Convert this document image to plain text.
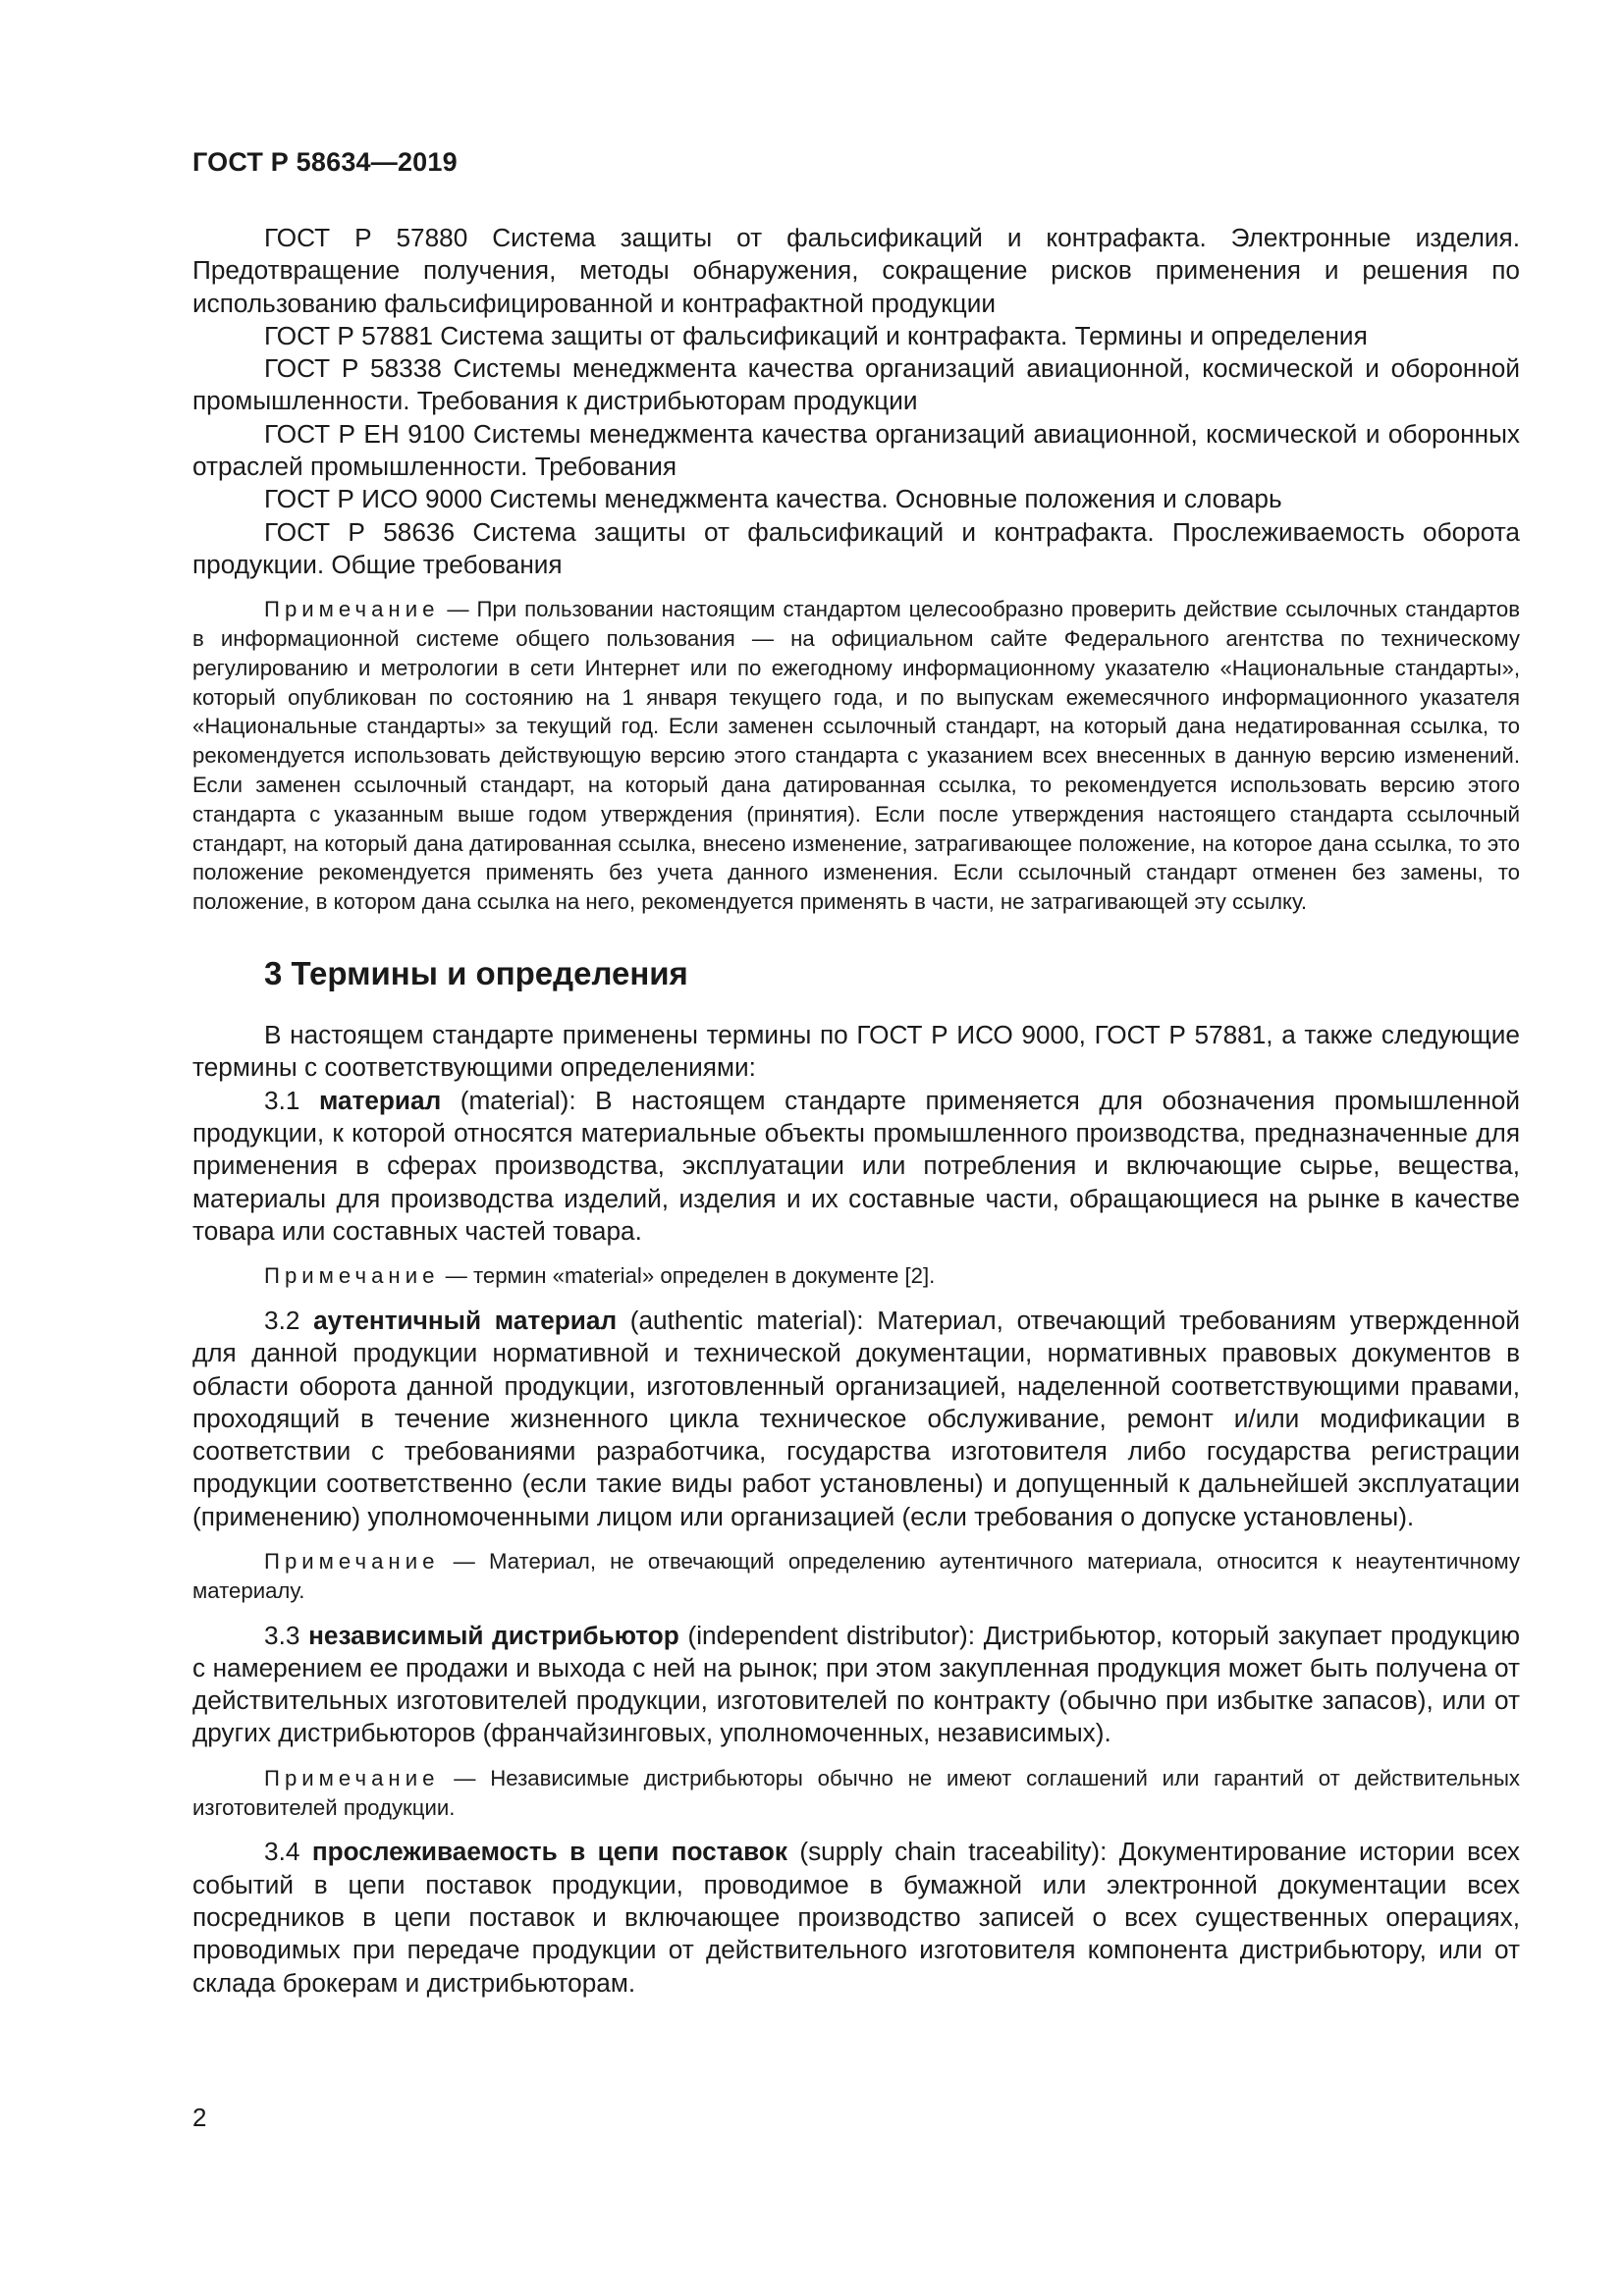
ГОСТ Р 58634—2019

ГОСТ Р 57880 Система защиты от фальсификаций и контрафакта. Электронные изделия. Предотвращение получения, методы обнаружения, сокращение рисков применения и решения по использованию фальсифицированной и контрафактной продукции

ГОСТ Р 57881 Система защиты от фальсификаций и контрафакта. Термины и определения

ГОСТ Р 58338 Системы менеджмента качества организаций авиационной, космической и оборонной промышленности. Требования к дистрибьюторам продукции

ГОСТ Р ЕН 9100 Системы менеджмента качества организаций авиационной, космической и оборонных отраслей промышленности. Требования

ГОСТ Р ИСО 9000 Системы менеджмента качества. Основные положения и словарь

ГОСТ Р 58636 Система защиты от фальсификаций и контрафакта. Прослеживаемость оборота продукции. Общие требования

Примечание — При пользовании настоящим стандартом целесообразно проверить действие ссылочных стандартов в информационной системе общего пользования — на официальном сайте Федерального агентства по техническому регулированию и метрологии в сети Интернет или по ежегодному информационному указателю «Национальные стандарты», который опубликован по состоянию на 1 января текущего года, и по выпускам ежемесячного информационного указателя «Национальные стандарты» за текущий год. Если заменен ссылочный стандарт, на который дана недатированная ссылка, то рекомендуется использовать действующую версию этого стандарта с указанием всех внесенных в данную версию изменений. Если заменен ссылочный стандарт, на который дана датированная ссылка, то рекомендуется использовать версию этого стандарта с указанным выше годом утверждения (принятия). Если после утверждения настоящего стандарта ссылочный стандарт, на который дана датированная ссылка, внесено изменение, затрагивающее положение, на которое дана ссылка, то это положение рекомендуется применять без учета данного изменения. Если ссылочный стандарт отменен без замены, то положение, в котором дана ссылка на него, рекомендуется применять в части, не затрагивающей эту ссылку.

3 Термины и определения

В настоящем стандарте применены термины по ГОСТ Р ИСО 9000, ГОСТ Р 57881, а также следующие термины с соответствующими определениями:

3.1 материал (material): В настоящем стандарте применяется для обозначения промышленной продукции, к которой относятся материальные объекты промышленного производства, предназначенные для применения в сферах производства, эксплуатации или потребления и включающие сырье, вещества, материалы для производства изделий, изделия и их составные части, обращающиеся на рынке в качестве товара или составных частей товара.

Примечание — термин «material» определен в документе [2].

3.2 аутентичный материал (authentic material): Материал, отвечающий требованиям утвержденной для данной продукции нормативной и технической документации, нормативных правовых документов в области оборота данной продукции, изготовленный организацией, наделенной соответствующими правами, проходящий в течение жизненного цикла техническое обслуживание, ремонт и/или модификации в соответствии с требованиями разработчика, государства изготовителя либо государства регистрации продукции соответственно (если такие виды работ установлены) и допущенный к дальнейшей эксплуатации (применению) уполномоченными лицом или организацией (если требования о допуске установлены).

Примечание — Материал, не отвечающий определению аутентичного материала, относится к неаутентичному материалу.

3.3 независимый дистрибьютор (independent distributor): Дистрибьютор, который закупает продукцию с намерением ее продажи и выхода с ней на рынок; при этом закупленная продукция может быть получена от действительных изготовителей продукции, изготовителей по контракту (обычно при избытке запасов), или от других дистрибьюторов (франчайзинговых, уполномоченных, независимых).

Примечание — Независимые дистрибьюторы обычно не имеют соглашений или гарантий от действительных изготовителей продукции.

3.4 прослеживаемость в цепи поставок (supply chain traceability): Документирование истории всех событий в цепи поставок продукции, проводимое в бумажной или электронной документации всех посредников в цепи поставок и включающее производство записей о всех существенных операциях, проводимых при передаче продукции от действительного изготовителя компонента дистрибьютору, или от склада брокерам и дистрибьюторам.

2
